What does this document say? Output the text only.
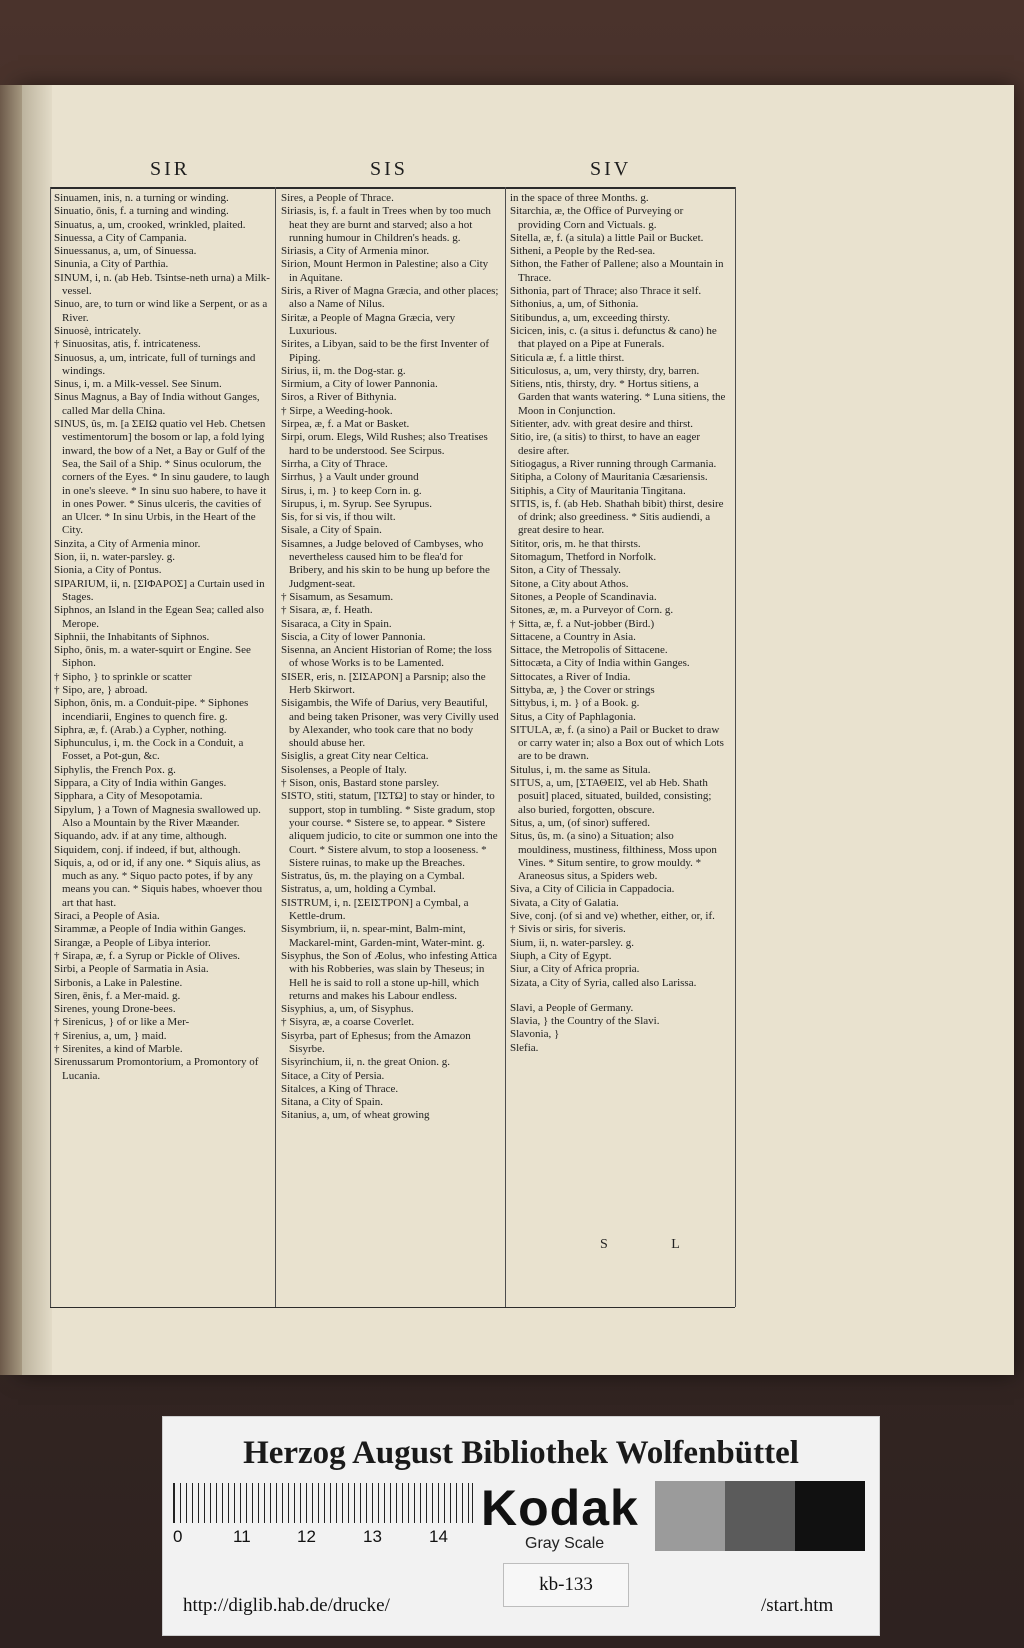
SIR	SIS	SIV
Sinuamen, inis, n. a turning or winding.
Sinuatio, ōnis, f. a turning and winding.
Sinuatus, a, um, crooked, wrinkled, plaited.
Sinuessa, a City of Campania.
Sinuessanus, a, um, of Sinuessa.
Sinunia, a City of Parthia.
SINUM, i, n. (ab Heb. Tsintse-neth urna) a Milk-vessel.
Sinuo, are, to turn or wind like a Serpent, or as a River.
Sinuosè, intricately.
† Sinuositas, atis, f. intricateness.
Sinuosus, a, um, intricate, full of turnings and windings.
Sinus, i, m. a Milk-vessel. See Sinum.
Sinus Magnus, a Bay of India without Ganges, called Mar della China.
SINUS, ûs, m. [a ΣΕΙΩ quatio vel Heb. Chetsen vestimentorum] the bosom or lap, a fold lying inward, the bow of a Net, a Bay or Gulf of the Sea, the Sail of a Ship. * Sinus oculorum, the corners of the Eyes. * In sinu gaudere, to laugh in one's sleeve. * In sinu suo habere, to have it in ones Power. * Sinus ulceris, the cavities of an Ulcer. * In sinu Urbis, in the Heart of the City.
Sinzita, a City of Armenia minor.
Sion, ii, n. water-parsley. g.
Sionia, a City of Pontus.
SIPARIUM, ii, n. [ΣΙΦΑΡΟΣ] a Curtain used in Stages.
Siphnos, an Island in the Egean Sea; called also Merope.
Siphnii, the Inhabitants of Siphnos.
Sipho, ōnis, m. a water-squirt or Engine. See Siphon.
† Sipho, } to sprinkle or scatter
† Sipo, are, } abroad.
Siphon, ōnis, m. a Conduit-pipe. * Siphones incendiarii, Engines to quench fire. g.
Siphra, æ, f. (Arab.) a Cypher, nothing.
Siphunculus, i, m. the Cock in a Conduit, a Fosset, a Pot-gun, &c.
Siphylis, the French Pox. g.
Sippara, a City of India within Ganges.
Sipphara, a City of Mesopotamia.
Sipylum, } a Town of Magnesia swallowed up. Also a Mountain by the River Mæander.
Siquando, adv. if at any time, although.
Siquidem, conj. if indeed, if but, although.
Siquis, a, od or id, if any one. * Siquis alius, as much as any. * Siquo pacto potes, if by any means you can. * Siquis habes, whoever thou art that hast.
Siraci, a People of Asia.
Sirammæ, a People of India within Ganges.
Sirangæ, a People of Libya interior.
† Sirapa, æ, f. a Syrup or Pickle of Olives.
Sirbi, a People of Sarmatia in Asia.
Sirbonis, a Lake in Palestine.
Siren, ēnis, f. a Mer-maid. g.
Sirenes, young Drone-bees.
† Sirenicus, } of or like a Mer-
† Sirenius, a, um, } maid.
† Sirenites, a kind of Marble.
Sirenussarum Promontorium, a Promontory of Lucania.
Sires, a People of Thrace.
Siriasis, is, f. a fault in Trees when by too much heat they are burnt and starved; also a hot running humour in Children's heads. g.
Siriasis, a City of Armenia minor.
Sirion, Mount Hermon in Palestine; also a City in Aquitane.
Siris, a River of Magna Græcia, and other places; also a Name of Nilus.
Siritæ, a People of Magna Græcia, very Luxurious.
Sirites, a Libyan, said to be the first Inventer of Piping.
Sirius, ii, m. the Dog-star. g.
Sirmium, a City of lower Pannonia.
Siros, a River of Bithynia.
† Sirpe, a Weeding-hook.
Sirpea, æ, f. a Mat or Basket.
Sirpi, orum. Elegs, Wild Rushes; also Treatises hard to be understood. See Scirpus.
Sirrha, a City of Thrace.
Sirrhus, } a Vault under ground
Sirus, i, m. } to keep Corn in. g.
Sirupus, i, m. Syrup. See Syrupus.
Sis, for si vis, if thou wilt.
Sisale, a City of Spain.
Sisamnes, a Judge beloved of Cambyses, who nevertheless caused him to be flea'd for Bribery, and his skin to be hung up before the Judgment-seat.
† Sisamum, as Sesamum.
† Sisara, æ, f. Heath.
Sisaraca, a City in Spain.
Siscia, a City of lower Pannonia.
Sisenna, an Ancient Historian of Rome; the loss of whose Works is to be Lamented.
SISER, eris, n. [ΣΙΣΑΡΟΝ] a Parsnip; also the Herb Skirwort.
Sisigambis, the Wife of Darius, very Beautiful, and being taken Prisoner, was very Civilly used by Alexander, who took care that no body should abuse her.
Sisiglis, a great City near Celtica.
Sisolenses, a People of Italy.
† Sison, onis, Bastard stone parsley.
SISTO, stiti, statum, [ΊΣΤΩ] to stay or hinder, to support, stop in tumbling. * Siste gradum, stop your course. * Sistere se, to appear. * Sistere aliquem judicio, to cite or summon one into the Court. * Sistere alvum, to stop a looseness. * Sistere ruinas, to make up the Breaches.
Sistratus, ûs, m. the playing on a Cymbal.
Sistratus, a, um, holding a Cymbal.
SISTRUM, i, n. [ΣΕΙΣΤΡΟΝ] a Cymbal, a Kettle-drum.
Sisymbrium, ii, n. spear-mint, Balm-mint, Mackarel-mint, Garden-mint, Water-mint. g.
Sisyphus, the Son of Æolus, who infesting Attica with his Robberies, was slain by Theseus; in Hell he is said to roll a stone up-hill, which returns and makes his Labour endless.
Sisyphius, a, um, of Sisyphus.
† Sisyra, æ, a coarse Coverlet.
Sisyrba, part of Ephesus; from the Amazon Sisyrbe.
Sisyrinchium, ii, n. the great Onion. g.
Sitace, a City of Persia.
Sitalces, a King of Thrace.
Sitana, a City of Spain.
Sitanius, a, um, of wheat growing
in the space of three Months. g.
Sitarchia, æ, the Office of Purveying or providing Corn and Victuals. g.
Sitella, æ, f. (a situla) a little Pail or Bucket.
Sitheni, a People by the Red-sea.
Sithon, the Father of Pallene; also a Mountain in Thrace.
Sithonia, part of Thrace; also Thrace it self.
Sithonius, a, um, of Sithonia.
Sitibundus, a, um, exceeding thirsty.
Sicicen, inis, c. (a situs i. defunctus & cano) he that played on a Pipe at Funerals.
Siticula æ, f. a little thirst.
Siticulosus, a, um, very thirsty, dry, barren.
Sitiens, ntis, thirsty, dry. * Hortus sitiens, a Garden that wants watering. * Luna sitiens, the Moon in Conjunction.
Sitienter, adv. with great desire and thirst.
Sitio, ire, (a sitis) to thirst, to have an eager desire after.
Sitiogagus, a River running through Carmania.
Sitipha, a Colony of Mauritania Cæsariensis.
Sitiphis, a City of Mauritania Tingitana.
SITIS, is, f. (ab Heb. Shathah bibit) thirst, desire of drink; also greediness. * Sitis audiendi, a great desire to hear.
Sititor, oris, m. he that thirsts.
Sitomagum, Thetford in Norfolk.
Siton, a City of Thessaly.
Sitone, a City about Athos.
Sitones, a People of Scandinavia.
Sitones, æ, m. a Purveyor of Corn. g.
† Sitta, æ, f. a Nut-jobber (Bird.)
Sittacene, a Country in Asia.
Sittace, the Metropolis of Sittacene.
Sittocæta, a City of India within Ganges.
Sittocates, a River of India.
Sittyba, æ, } the Cover or strings
Sittybus, i, m. } of a Book. g.
Situs, a City of Paphlagonia.
SITULA, æ, f. (a sino) a Pail or Bucket to draw or carry water in; also a Box out of which Lots are to be drawn.
Situlus, i, m. the same as Situla.
SITUS, a, um, [ΣΤΑΘΕΙΣ, vel ab Heb. Shath posuit] placed, situated, builded, consisting; also buried, forgotten, obscure.
Situs, a, um, (of sinor) suffered.
Situs, ûs, m. (a sino) a Situation; also mouldiness, mustiness, filthiness, Moss upon Vines. * Situm sentire, to grow mouldy. * Araneosus situs, a Spiders web.
Siva, a City of Cilicia in Cappadocia.
Sivata, a City of Galatia.
Sive, conj. (of si and ve) whether, either, or, if.
† Sivis or siris, for siveris.
Sium, ii, n. water-parsley. g.
Siuph, a City of Egypt.
Siur, a City of Africa propria.
Sizata, a City of Syria, called also Larissa.
Slavi, a People of Germany.
Slavia, } the Country of the Slavi.
Slavonia, }
Slefia.
S L
Herzog August Bibliothek Wolfenbüttel
0	11	12	13	14
Kodak
Gray Scale
kb-133
http://diglib.hab.de/drucke/	/start.htm
